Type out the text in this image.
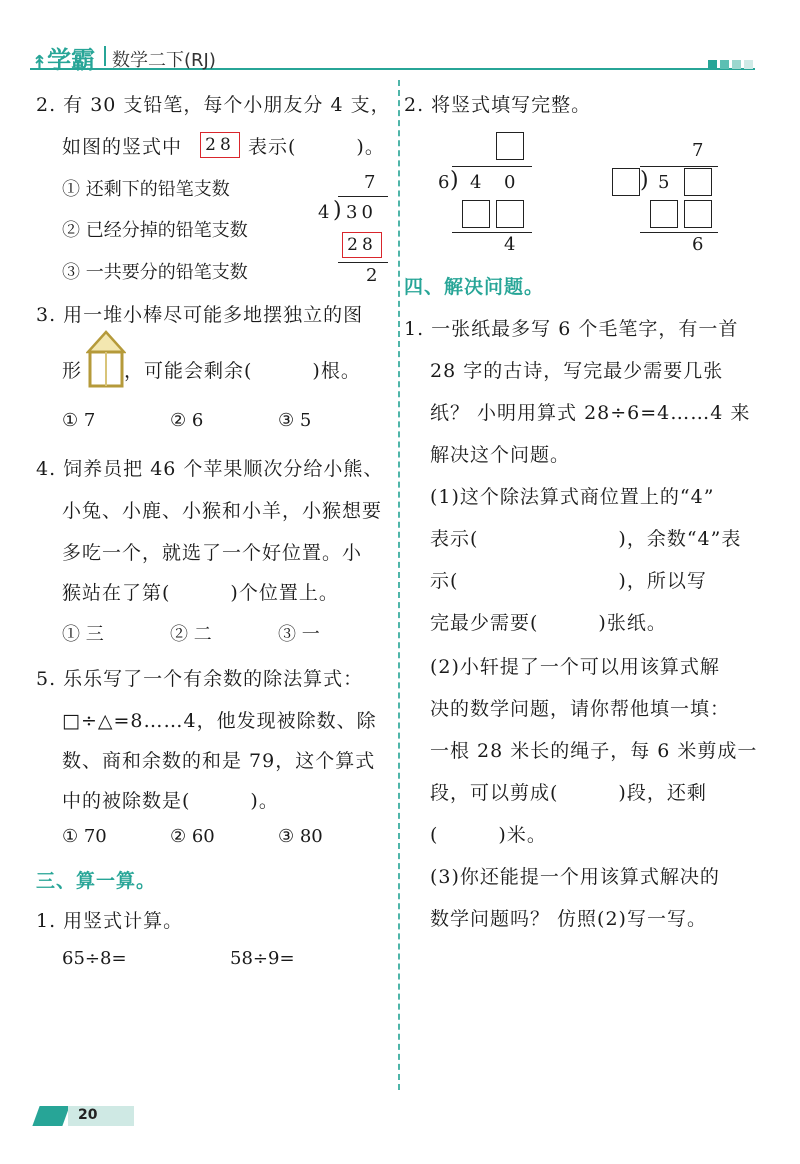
↟学霸 数学二下(RJ)
2. 有 30 支铅笔，每个小朋友分 4 支，
如图的竖式中	28 表示(　　　)。
① 还剩下的铅笔支数
② 已经分掉的铅笔支数
③ 一共要分的铅笔支数
7
4 ) 30
28
2
3. 用一堆小棒尽可能多地摆独立的图
形 ，可能会剩余(　　　)根。
① 7	② 6	③ 5
4. 饲养员把 46 个苹果顺次分给小熊、
小兔、小鹿、小猴和小羊，小猴想要
多吃一个，就选了一个好位置。小
猴站在了第(　　　)个位置上。
① 三	② 二	③ 一
5. 乐乐写了一个有余数的除法算式：
□÷△=8……4，他发现被除数、除
数、商和余数的和是 79，这个算式
中的被除数是(　　　)。
① 70	② 60	③ 80
三、算一算。
1. 用竖式计算。
65÷8=	58÷9=
2. 将竖式填写完整。
6 ) 4 0
4
7
) 5
6
四、解决问题。
1. 一张纸最多写 6 个毛笔字，有一首
28 字的古诗，写完最少需要几张
纸？ 小明用算式 28÷6=4……4 来
解决这个问题。
(1)这个除法算式商位置上的“4”
表示(　　　　　　　)，余数“4”表
示(　　　　　　　　)，所以写
完最少需要(　　　)张纸。
(2)小轩提了一个可以用该算式解
决的数学问题，请你帮他填一填：
一根 28 米长的绳子，每 6 米剪成一
段，可以剪成(　　　)段，还剩
(　　　)米。
(3)你还能提一个用该算式解决的
数学问题吗？ 仿照(2)写一写。
20
